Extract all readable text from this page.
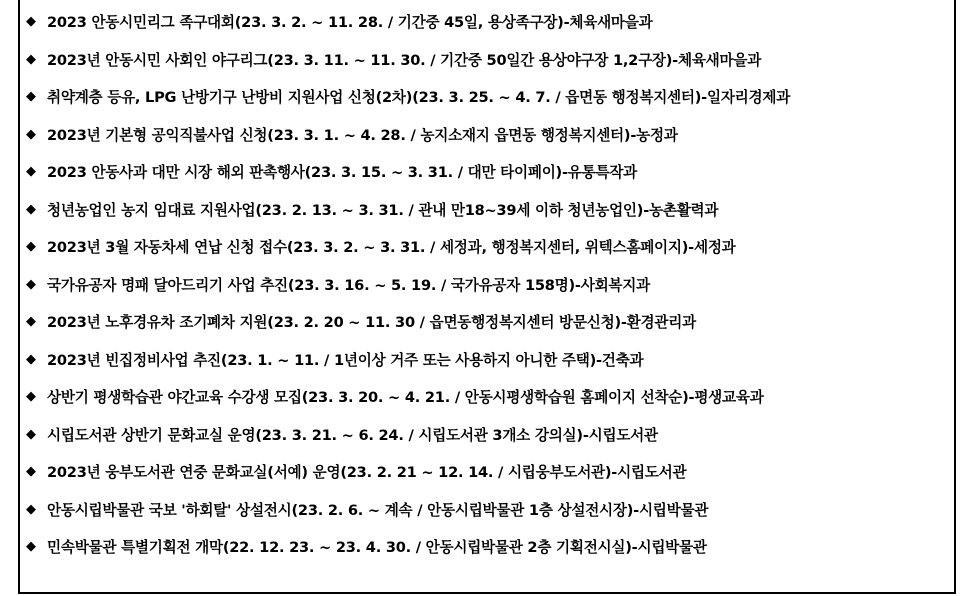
◆ 2023 안동시민리그 족구대회(23. 3. 2. ~ 11. 28. / 기간중 45일, 용상족구장)-체육새마을과
◆ 2023년 안동시민 사회인 야구리그(23. 3. 11. ~ 11. 30. / 기간중 50일간 용상야구장 1,2구장)-체육새마을과
◆ 취약계층 등유, LPG 난방기구 난방비 지원사업 신청(2차)(23. 3. 25. ~ 4. 7. / 읍면동 행정복지센터)-일자리경제과
◆ 2023년 기본형 공익직불사업 신청(23. 3. 1. ~ 4. 28. / 농지소재지 읍면동 행정복지센터)-농정과
◆ 2023 안동사과 대만 시장 해외 판촉행사(23. 3. 15. ~ 3. 31. / 대만 타이페이)-유통특작과
◆ 청년농업인 농지 임대료 지원사업(23. 2. 13. ~ 3. 31. / 관내 만18~39세 이하 청년농업인)-농촌활력과
◆ 2023년 3월 자동차세 연납 신청 접수(23. 3. 2. ~ 3. 31. / 세정과, 행정복지센터, 위텍스홈페이지)-세정과
◆ 국가유공자 명패 달아드리기 사업 추진(23. 3. 16. ~ 5. 19. / 국가유공자 158명)-사회복지과
◆ 2023년 노후경유차 조기폐차 지원(23. 2. 20 ~ 11. 30 / 읍면동행정복지센터 방문신청)-환경관리과
◆ 2023년 빈집정비사업 추진(23. 1. ~ 11. / 1년이상 거주 또는 사용하지 아니한 주택)-건축과
◆ 상반기 평생학습관 야간교육 수강생 모집(23. 3. 20. ~ 4. 21. / 안동시평생학습원 홈페이지 선착순)-평생교육과
◆ 시립도서관 상반기 문화교실 운영(23. 3. 21. ~ 6. 24. / 시립도서관 3개소 강의실)-시립도서관
◆ 2023년 웅부도서관 연중 문화교실(서예) 운영(23. 2. 21 ~ 12. 14. / 시립웅부도서관)-시립도서관
◆ 안동시립박물관 국보 '하회탈' 상설전시(23. 2. 6. ~ 계속 / 안동시립박물관 1층 상설전시장)-시립박물관
◆ 민속박물관 특별기획전 개막(22. 12. 23. ~ 23. 4. 30. / 안동시립박물관 2층 기획전시실)-시립박물관
